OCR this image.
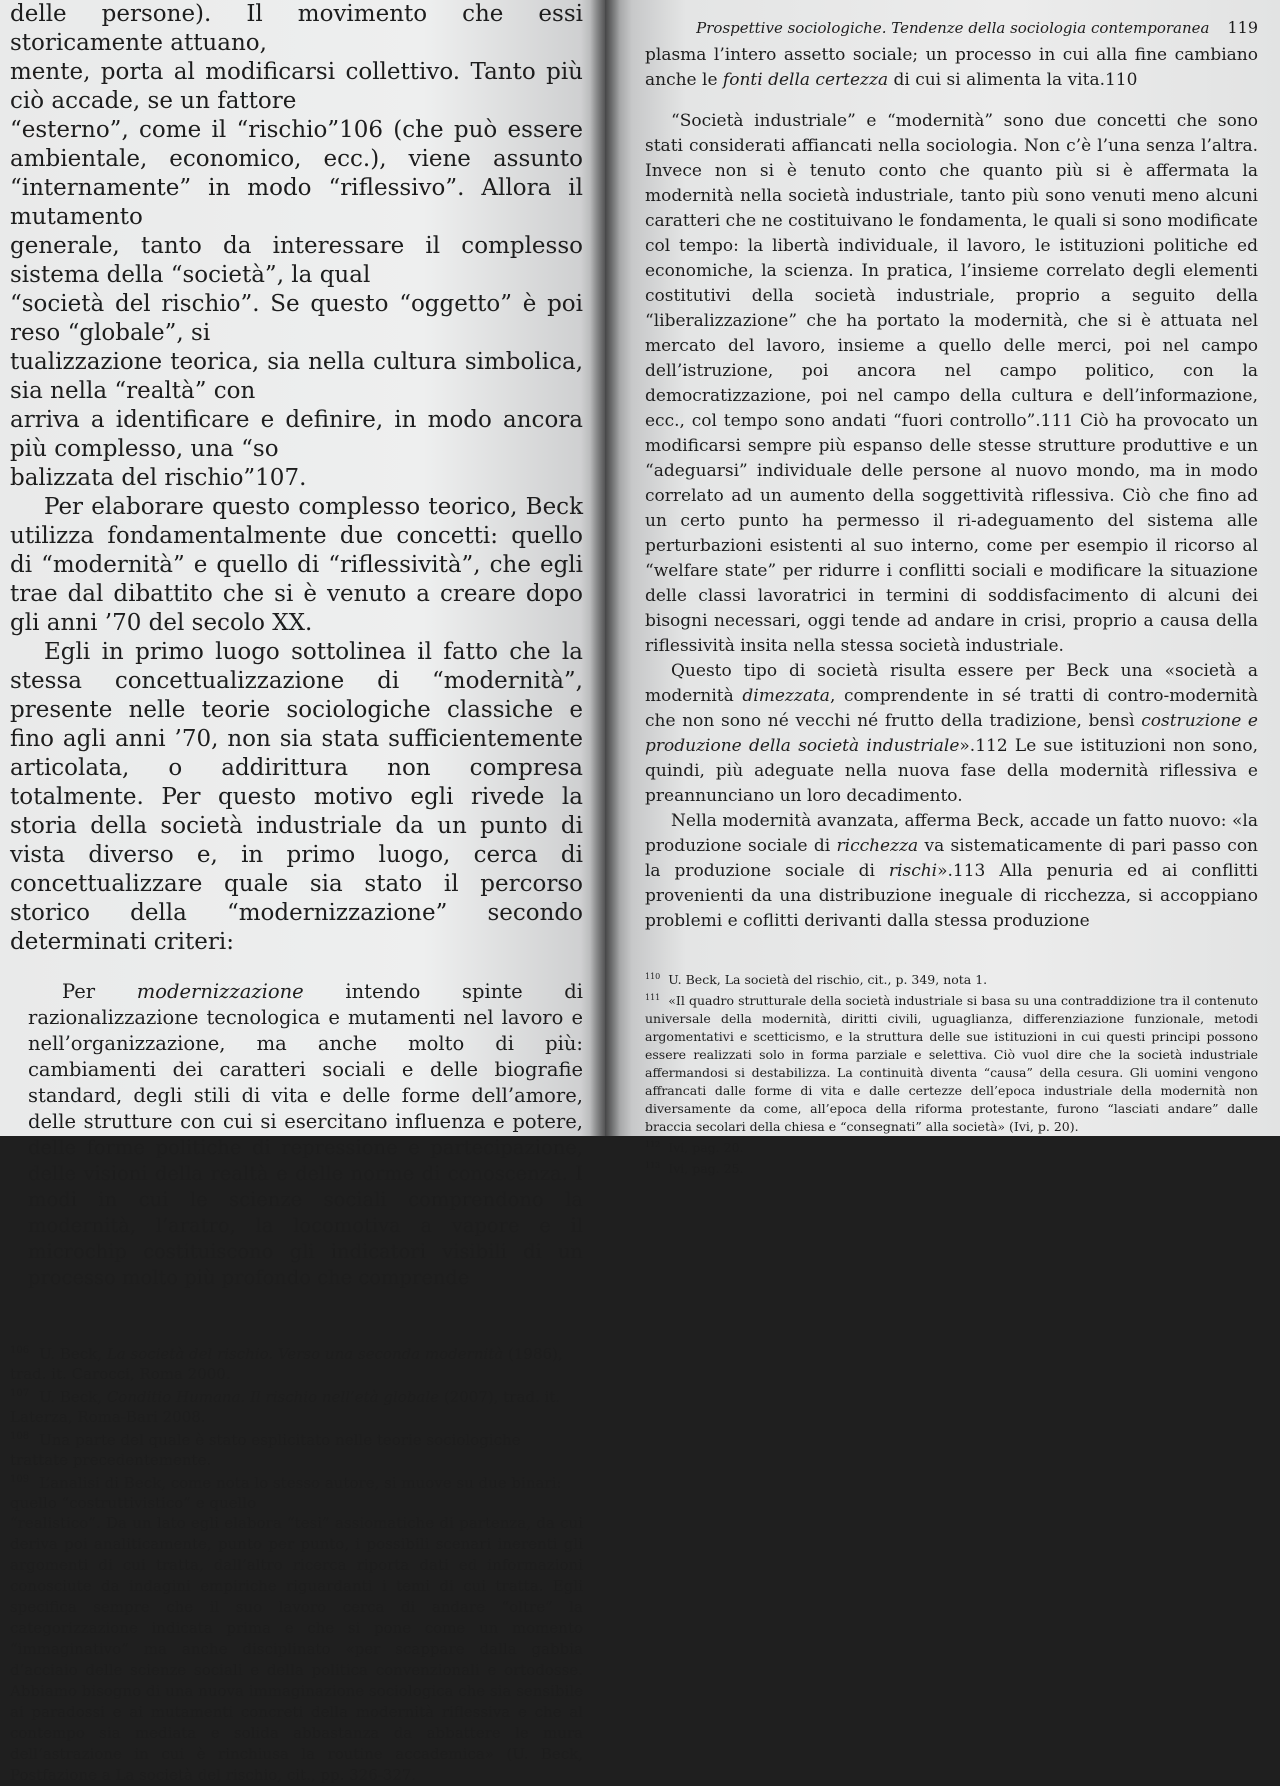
delle persone). Il movimento che essi storicamente attuano,

mente, porta al modificarsi collettivo. Tanto più ciò accade, se un fattore

“esterno”, come il “rischio”106 (che può essere ambientale, economico, ecc.), viene assunto “internamente” in modo “riflessivo”. Allora il mutamento

generale, tanto da interessare il complesso sistema della “società”, la qual

“società del rischio”. Se questo “oggetto” è poi reso “globale”, si

tualizzazione teorica, sia nella cultura simbolica, sia nella “realtà” con

arriva a identificare e definire, in modo ancora più complesso, una “so

balizzata del rischio”107.

Per elaborare questo complesso teorico, Beck utilizza fondamentalmente due concetti: quello di “modernità” e quello di “riflessività”, che egli trae dal dibattito che si è venuto a creare dopo gli anni ’70 del secolo XX.

Egli in primo luogo sottolinea il fatto che la stessa concettualizzazione di “modernità”, presente nelle teorie sociologiche classiche e fino agli anni ’70, non sia stata sufficientemente articolata, o addirittura non compresa totalmente. Per questo motivo egli rivede la storia della società industriale da un punto di vista diverso e, in primo luogo, cerca di concettualizzare quale sia stato il percorso storico della “modernizzazione” secondo determinati criteri:

Per modernizzazione intendo spinte di razionalizzazione tecnologica e mutamenti nel lavoro e nell’organizzazione, ma anche molto di più: cambiamenti dei caratteri sociali e delle biografie standard, degli stili di vita e delle forme dell’amore, delle strutture con cui si esercitano influenza e potere, delle forme politiche di repressione e partecipazione, delle visioni della realtà e delle norme di conoscenza. I modi in cui le scienze sociali comprendono la modernità, l’aratro, la locomotiva a vapore e il microchip costituiscono gli indicatori visibili di un processo molto più profondo che comprende

$^{106}$ U. Beck, La società del rischio. Verso una seconda modernità (1986), trad. it. Carocci, Roma 2000.
$^{107}$ U. Beck, Conditio Humana. Il rischio nell’età globale (2007), trad. it. Laterza, Roma-Bari 2008.
$^{108}$ Una parte del quale è stato esplicitato nelle teorie sociologiche trattate precedentemente.
$^{109}$ L’analisi di Beck, come nota lo stesso autore, si muove su due binari: quello “costruttivistico” e quello
“realistico”. Da un lato egli elabora “tesi” assiomatiche di partenza, da cui deriva poi analiticamente, punto per punto, i possibili scenari inerenti gli argomenti di cui tratta, dall’altro ricerca riporta dati ed informazioni conosciute da indagini empiriche riguardanti i temi di cui tratta. Egli specifica sempre che il suo lavoro cerca di andare “oltre” la categorizzazione indicata prima e che si pone come un momento “immaginativo” ma anche disciplinato «per scappare dalla gabbia d’acciaio delle scienze sociali e della politica convenzionali e ortodosse. Abbiamo bisogno di una nuova immaginazione sociologica che sia sensibile ai paradossi e ai mutamenti concreti della modernità riflessiva e che al contempo sia mediata e solida abbastanza da abbattere le mura dell’astrazione in cui è rinchiusa la routine accademica» (U. Beck, Postfazione a La società del rischio, cit., pp. 326-327.
Prospettive sociologiche. Tendenze della sociologia contemporanea 119

plasma l’intero assetto sociale; un processo in cui alla fine cambiano anche le fonti della certezza di cui si alimenta la vita.110

“Società industriale” e “modernità” sono due concetti che sono stati considerati affiancati nella sociologia. Non c’è l’una senza l’altra. Invece non si è tenuto conto che quanto più si è affermata la modernità nella società industriale, tanto più sono venuti meno alcuni caratteri che ne costituivano le fondamenta, le quali si sono modificate col tempo: la libertà individuale, il lavoro, le istituzioni politiche ed economiche, la scienza. In pratica, l’insieme correlato degli elementi costitutivi della società industriale, proprio a seguito della “liberalizzazione” che ha portato la modernità, che si è attuata nel mercato del lavoro, insieme a quello delle merci, poi nel campo dell’istruzione, poi ancora nel campo politico, con la democratizzazione, poi nel campo della cultura e dell’informazione, ecc., col tempo sono andati “fuori controllo”.111 Ciò ha provocato un modificarsi sempre più espanso delle stesse strutture produttive e un “adeguarsi” individuale delle persone al nuovo mondo, ma in modo correlato ad un aumento della soggettività riflessiva. Ciò che fino ad un certo punto ha permesso il ri-adeguamento del sistema alle perturbazioni esistenti al suo interno, come per esempio il ricorso al “welfare state” per ridurre i conflitti sociali e modificare la situazione delle classi lavoratrici in termini di soddisfacimento di alcuni dei bisogni necessari, oggi tende ad andare in crisi, proprio a causa della riflessività insita nella stessa società industriale.

Questo tipo di società risulta essere per Beck una «società a modernità dimezzata, comprendente in sé tratti di contro-modernità che non sono né vecchi né frutto della tradizione, bensì costruzione e produzione della società industriale».112 Le sue istituzioni non sono, quindi, più adeguate nella nuova fase della modernità riflessiva e preannunciano un loro decadimento.

Nella modernità avanzata, afferma Beck, accade un fatto nuovo: «la produzione sociale di ricchezza va sistematicamente di pari passo con la produzione sociale di rischi».113 Alla penuria ed ai conflitti provenienti da una distribuzione ineguale di ricchezza, si accoppiano problemi e coflitti derivanti dalla stessa produzione

$^{110}$ U. Beck, La società del rischio, cit., p. 349, nota 1.
$^{111}$ «Il quadro strutturale della società industriale si basa su una contraddizione tra il contenuto universale della modernità, diritti civili, uguaglianza, differenziazione funzionale, metodi argomentativi e scetticismo, e la struttura delle sue istituzioni in cui questi principi possono essere realizzati solo in forma parziale e selettiva. Ciò vuol dire che la società industriale affermandosi si destabilizza. La continuità diventa “causa” della cesura. Gli uomini vengono affrancati dalle forme di vita e dalle certezze dell’epoca industriale della modernità non diversamente da come, all’epoca della riforma protestante, furono “lasciati andare” dalle braccia secolari della chiesa e “consegnati” alla società» (Ivi, p. 20).
$^{112}$ Ivi, pag. 20.
$^{113}$ Ivi, pag. 25.
